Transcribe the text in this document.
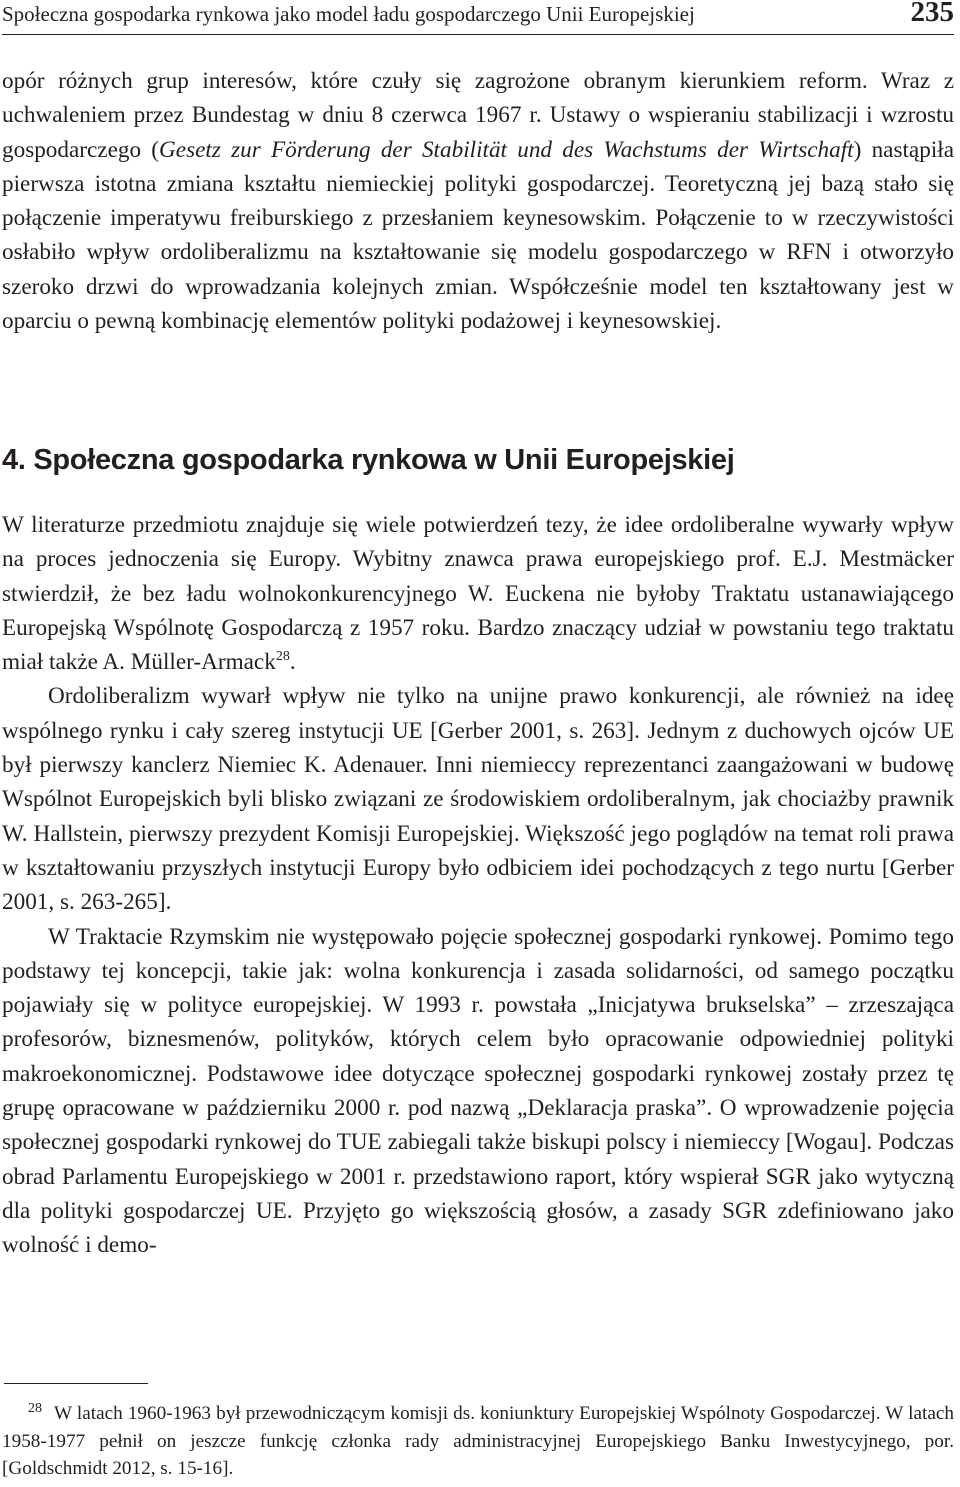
Społeczna gospodarka rynkowa jako model ładu gospodarczego Unii Europejskiej	235

opór różnych grup interesów, które czuły się zagrożone obranym kierunkiem reform. Wraz z uchwaleniem przez Bundestag w dniu 8 czerwca 1967 r. Ustawy o wspieraniu stabilizacji i wzrostu gospodarczego (Gesetz zur Förderung der Stabilität und des Wachstums der Wirtschaft) nastąpiła pierwsza istotna zmiana kształtu niemieckiej polityki gospodarczej. Teoretyczną jej bazą stało się połączenie imperatywu freiburskiego z przesłaniem keynesowskim. Połączenie to w rzeczywistości osłabiło wpływ ordoliberalizmu na kształtowanie się modelu gospodarczego w RFN i otworzyło szeroko drzwi do wprowadzania kolejnych zmian. Współcześnie model ten kształtowany jest w oparciu o pewną kombinację elementów polityki podażowej i keynesowskiej.

4. Społeczna gospodarka rynkowa w Unii Europejskiej

W literaturze przedmiotu znajduje się wiele potwierdzeń tezy, że idee ordoliberalne wywarły wpływ na proces jednoczenia się Europy. Wybitny znawca prawa europejskiego prof. E.J. Mestmäcker stwierdził, że bez ładu wolnokonkurencyjnego W. Euckena nie byłoby Traktatu ustanawiającego Europejską Wspólnotę Gospodarczą z 1957 roku. Bardzo znaczący udział w powstaniu tego traktatu miał także A. Müller-Armack$^{28}$.

Ordoliberalizm wywarł wpływ nie tylko na unijne prawo konkurencji, ale również na ideę wspólnego rynku i cały szereg instytucji UE [Gerber 2001, s. 263]. Jednym z duchowych ojców UE był pierwszy kanclerz Niemiec K. Adenauer. Inni niemieccy reprezentanci zaangażowani w budowę Wspólnot Europejskich byli blisko związani ze środowiskiem ordoliberalnym, jak chociażby prawnik W. Hallstein, pierwszy prezydent Komisji Europejskiej. Większość jego poglądów na temat roli prawa w kształtowaniu przyszłych instytucji Europy było odbiciem idei pochodzących z tego nurtu [Gerber 2001, s. 263-265].

W Traktacie Rzymskim nie występowało pojęcie społecznej gospodarki rynkowej. Pomimo tego podstawy tej koncepcji, takie jak: wolna konkurencja i zasada solidarności, od samego początku pojawiały się w polityce europejskiej. W 1993 r. powstała „Inicjatywa brukselska” – zrzeszająca profesorów, biznesmenów, polityków, których celem było opracowanie odpowiedniej polityki makroekonomicznej. Podstawowe idee dotyczące społecznej gospodarki rynkowej zostały przez tę grupę opracowane w październiku 2000 r. pod nazwą „Deklaracja praska”. O wprowadzenie pojęcia społecznej gospodarki rynkowej do TUE zabiegali także biskupi polscy i niemieccy [Wogau]. Podczas obrad Parlamentu Europejskiego w 2001 r. przedstawiono raport, który wspierał SGR jako wytyczną dla polityki gospodarczej UE. Przyjęto go większością głosów, a zasady SGR zdefiniowano jako wolność i demo-

28 W latach 1960-1963 był przewodniczącym komisji ds. koniunktury Europejskiej Wspólnoty Gospodarczej. W latach 1958-1977 pełnił on jeszcze funkcję członka rady administracyjnej Europejskiego Banku Inwestycyjnego, por. [Goldschmidt 2012, s. 15-16].
